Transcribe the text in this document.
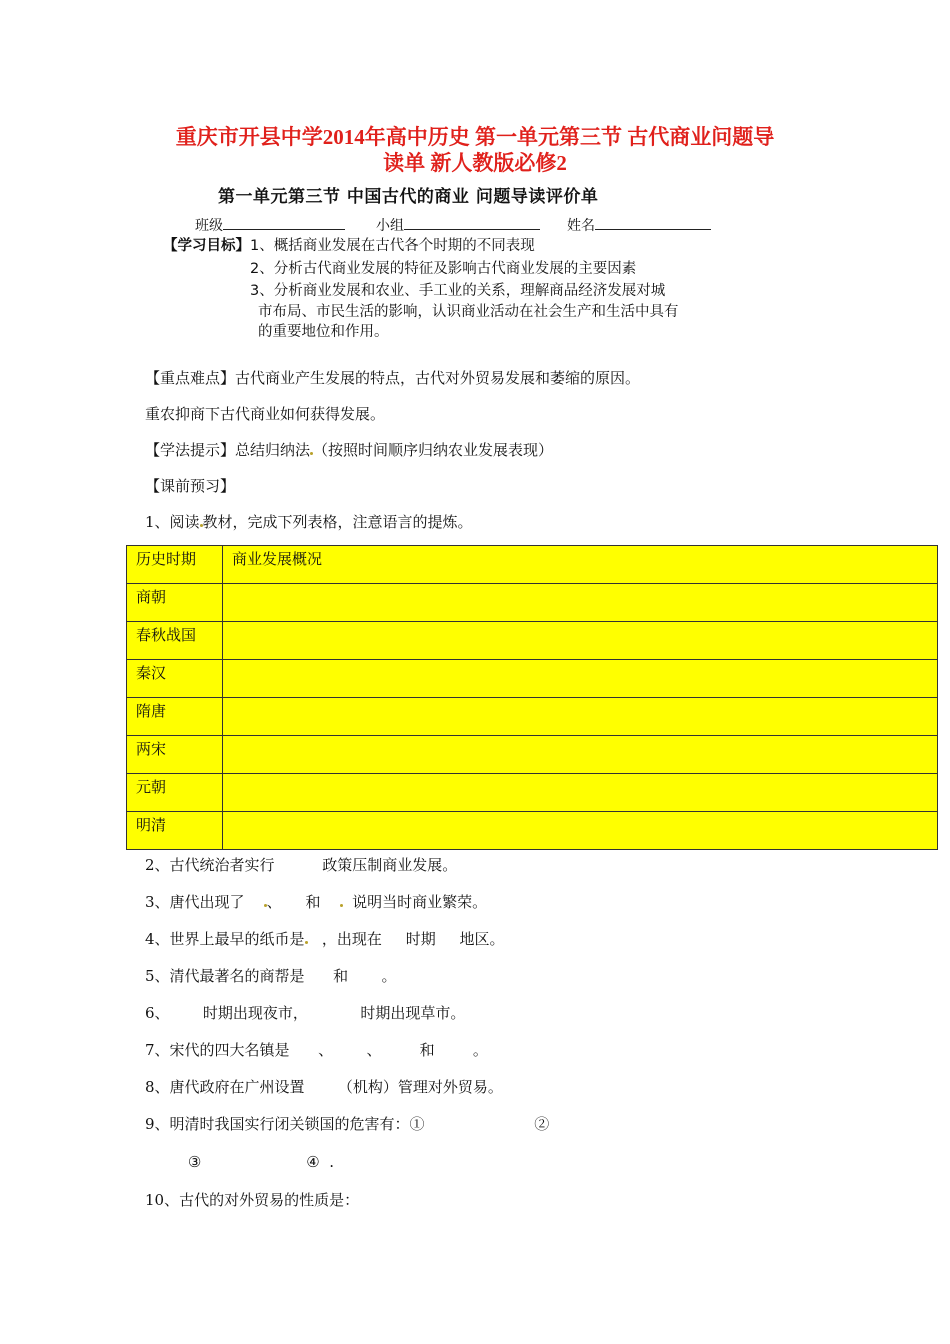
重庆市开县中学2014年高中历史 第一单元第三节 古代商业问题导
读单 新人教版必修2
第一单元第三节 中国古代的商业 问题导读评价单
班级	小组	姓名
【学习目标】1、概括商业发展在古代各个时期的不同表现
2、分析古代商业发展的特征及影响古代商业发展的主要因素
3、分析商业发展和农业、手工业的关系，理解商品经济发展对城
市布局、市民生活的影响，认识商业活动在社会生产和生活中具有
的重要地位和作用。
【重点难点】古代商业产生发展的特点，古代对外贸易发展和萎缩的原因。
重农抑商下古代商业如何获得发展。
【学法提示】总结归纳法 （按照时间顺序归纳农业发展表现）
【课前预习】
1、阅读 教材，完成下列表格，注意语言的提炼。
历史时期	商业发展概况
商朝	
春秋战国	
秦汉	
隋唐	
两宋	
元朝	
明清	
2、古代统治者实行          政策压制商业发展。
3、唐代出现了    、     和      说明当时商业繁荣。
4、世界上最早的纸币是   ，出现在     时期     地区。
5、清代最著名的商帮是      和       。
6、       时期出现夜市，           时期出现草市。
7、宋代的四大名镇是      、       、        和        。
8、唐代政府在广州设置       （机构）管理对外贸易。
9、明清时我国实行闭关锁国的危害有：①                       ②
③                      ④  .
10、古代的对外贸易的性质是：
